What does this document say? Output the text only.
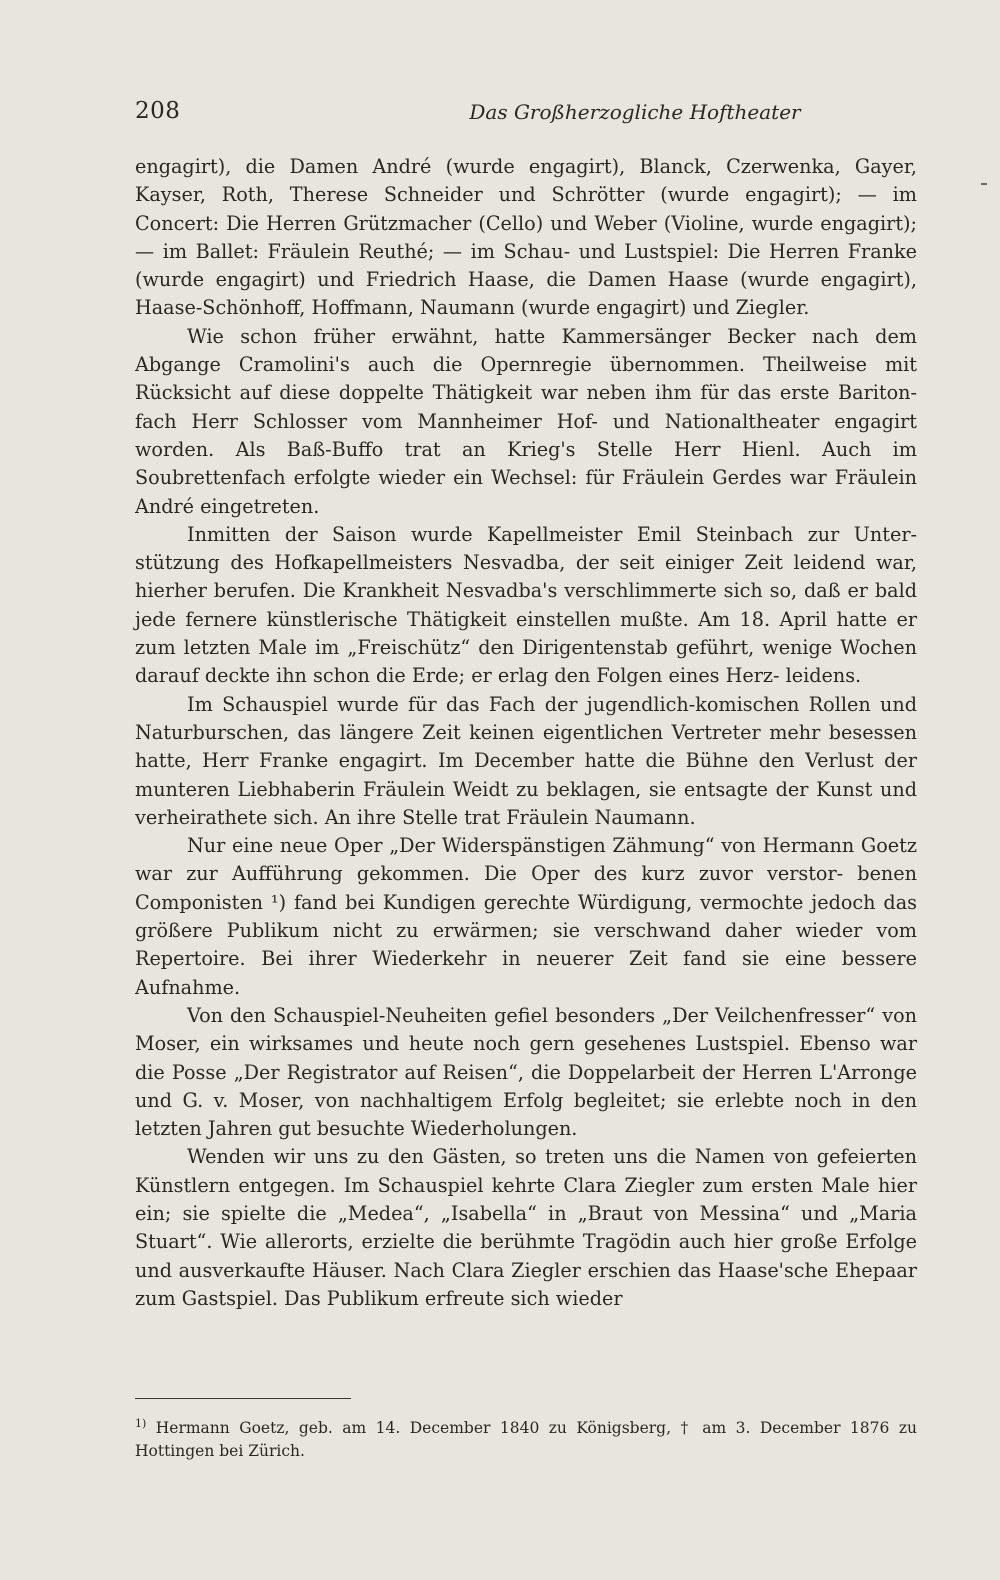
208	Das Großherzogliche Hoftheater

engagirt), die Damen André (wurde engagirt), Blanck, Czerwenka, Gayer, Kayser, Roth, Therese Schneider und Schrötter (wurde engagirt); — im Concert: Die Herren Grützmacher (Cello) und Weber (Violine, wurde engagirt); — im Ballet: Fräulein Reuthé; — im Schau- und Lustspiel: Die Herren Franke (wurde engagirt) und Friedrich Haase, die Damen Haase (wurde engagirt), Haase-Schönhoff, Hoffmann, Naumann (wurde engagirt) und Ziegler.

Wie schon früher erwähnt, hatte Kammersänger Becker nach dem Abgange Cramolini's auch die Opernregie übernommen. Theilweise mit Rücksicht auf diese doppelte Thätigkeit war neben ihm für das erste Bariton- fach Herr Schlosser vom Mannheimer Hof- und Nationaltheater engagirt worden. Als Baß-Buffo trat an Krieg's Stelle Herr Hienl. Auch im Soubrettenfach erfolgte wieder ein Wechsel: für Fräulein Gerdes war Fräulein André eingetreten.

Inmitten der Saison wurde Kapellmeister Emil Steinbach zur Unter- stützung des Hofkapellmeisters Nesvadba, der seit einiger Zeit leidend war, hierher berufen. Die Krankheit Nesvadba's verschlimmerte sich so, daß er bald jede fernere künstlerische Thätigkeit einstellen mußte. Am 18. April hatte er zum letzten Male im „Freischütz“ den Dirigentenstab geführt, wenige Wochen darauf deckte ihn schon die Erde; er erlag den Folgen eines Herz- leidens.

Im Schauspiel wurde für das Fach der jugendlich-komischen Rollen und Naturburschen, das längere Zeit keinen eigentlichen Vertreter mehr besessen hatte, Herr Franke engagirt. Im December hatte die Bühne den Verlust der munteren Liebhaberin Fräulein Weidt zu beklagen, sie entsagte der Kunst und verheirathete sich. An ihre Stelle trat Fräulein Naumann.

Nur eine neue Oper „Der Widerspänstigen Zähmung“ von Hermann Goetz war zur Aufführung gekommen. Die Oper des kurz zuvor verstor- benen Componisten ¹) fand bei Kundigen gerechte Würdigung, vermochte jedoch das größere Publikum nicht zu erwärmen; sie verschwand daher wieder vom Repertoire. Bei ihrer Wiederkehr in neuerer Zeit fand sie eine bessere Aufnahme.

Von den Schauspiel-Neuheiten gefiel besonders „Der Veilchenfresser“ von Moser, ein wirksames und heute noch gern gesehenes Lustspiel. Ebenso war die Posse „Der Registrator auf Reisen“, die Doppelarbeit der Herren L'Arronge und G. v. Moser, von nachhaltigem Erfolg begleitet; sie erlebte noch in den letzten Jahren gut besuchte Wiederholungen.

Wenden wir uns zu den Gästen, so treten uns die Namen von gefeierten Künstlern entgegen. Im Schauspiel kehrte Clara Ziegler zum ersten Male hier ein; sie spielte die „Medea“, „Isabella“ in „Braut von Messina“ und „Maria Stuart“. Wie allerorts, erzielte die berühmte Tragödin auch hier große Erfolge und ausverkaufte Häuser. Nach Clara Ziegler erschien das Haase'sche Ehepaar zum Gastspiel. Das Publikum erfreute sich wieder

$^{1)}$ Hermann Goetz, geb. am 14. December 1840 zu Königsberg, † am 3. December 1876 zu Hottingen bei Zürich.
